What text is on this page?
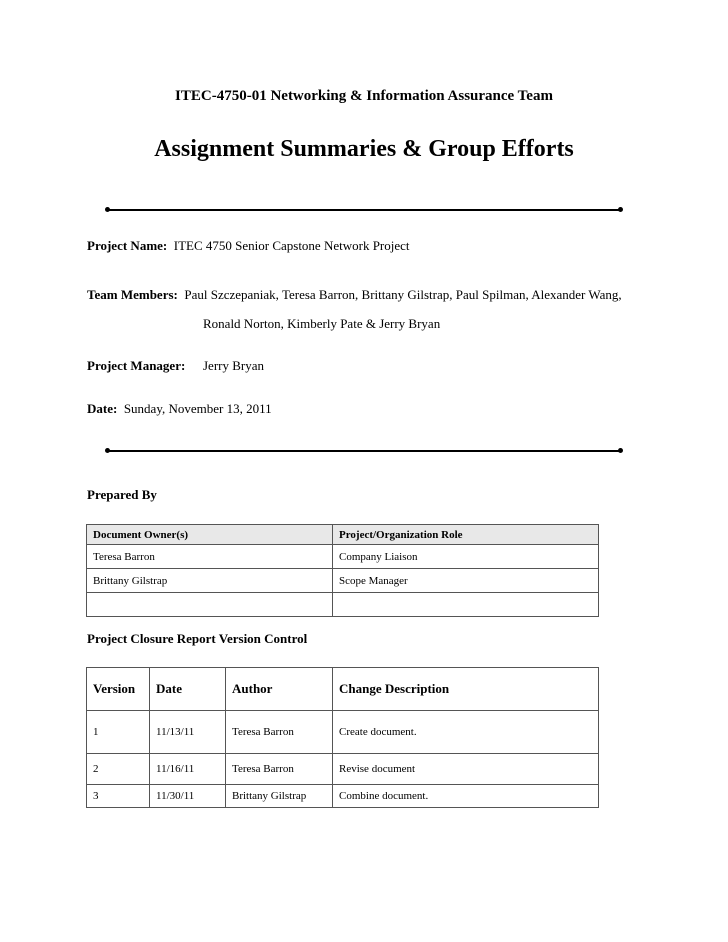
ITEC-4750-01 Networking & Information Assurance Team
Assignment Summaries & Group Efforts
Project Name: ITEC 4750 Senior Capstone Network Project
Team Members: Paul Szczepaniak, Teresa Barron, Brittany Gilstrap, Paul Spilman, Alexander Wang,
Ronald Norton, Kimberly Pate & Jerry Bryan
Project Manager: Jerry Bryan
Date: Sunday, November 13, 2011
Prepared By
Document Owner(s)	Project/Organization Role
Teresa Barron	Company Liaison
Brittany Gilstrap	Scope Manager

Project Closure Report Version Control
Version	Date	Author	Change Description
1	11/13/11	Teresa Barron	Create document.
2	11/16/11	Teresa Barron	Revise document
3	11/30/11	Brittany Gilstrap	Combine document.
